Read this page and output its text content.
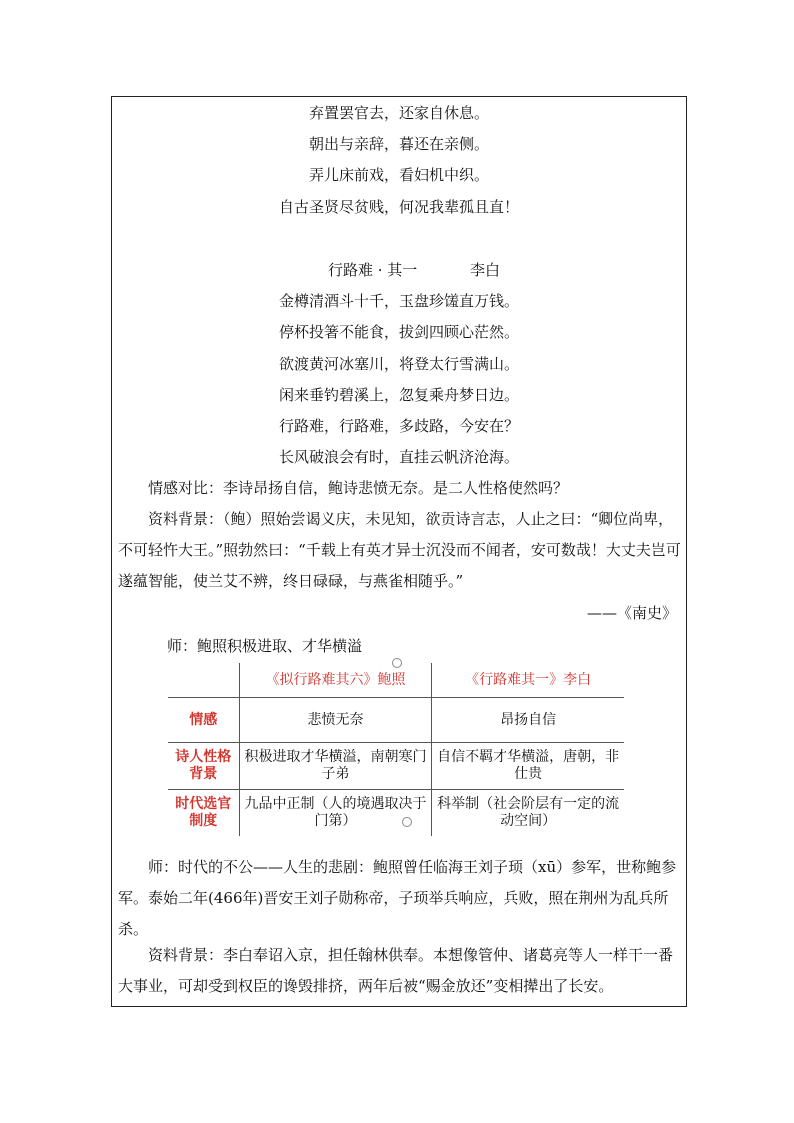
弃置罢官去，还家自休息。
朝出与亲辞，暮还在亲侧。
弄儿床前戏，看妇机中织。
自古圣贤尽贫贱，何况我辈孤且直！
行路难 · 其一	李白
金樽清酒斗十千，玉盘珍馐直万钱。
停杯投箸不能食，拔剑四顾心茫然。
欲渡黄河冰塞川，将登太行雪满山。
闲来垂钓碧溪上，忽复乘舟梦日边。
行路难，行路难，多歧路，今安在？
长风破浪会有时，直挂云帆济沧海。
情感对比：李诗昂扬自信，鲍诗悲愤无奈。是二人性格使然吗？
资料背景：（鲍）照始尝谒义庆，未见知，欲贡诗言志，人止之曰：“卿位尚卑，不可轻忤大王。”照勃然曰：“千载上有英才异士沉没而不闻者，安可数哉！大丈夫岂可遂蕴智能，使兰艾不辨，终日碌碌，与燕雀相随乎。”
——《南史》
师：鲍照积极进取、才华横溢
	《拟行路难其六》鲍照	《行路难其一》李白
情感	悲愤无奈	昂扬自信
诗人性格背景	积极进取才华横溢，南朝寒门子弟	自信不羁才华横溢，唐朝，非仕贵
时代选官制度	九品中正制（人的境遇取决于门第）	科举制（社会阶层有一定的流动空间）
师：时代的不公——人生的悲剧：鲍照曾任临海王刘子顼（xū）参军，世称鲍参军。泰始二年(466年)晋安王刘子勋称帝，子顼举兵响应，兵败，照在荆州为乱兵所杀。
资料背景：李白奉诏入京，担任翰林供奉。本想像管仲、诸葛亮等人一样干一番大事业，可却受到权臣的谗毁排挤，两年后被“赐金放还”变相撵出了长安。
